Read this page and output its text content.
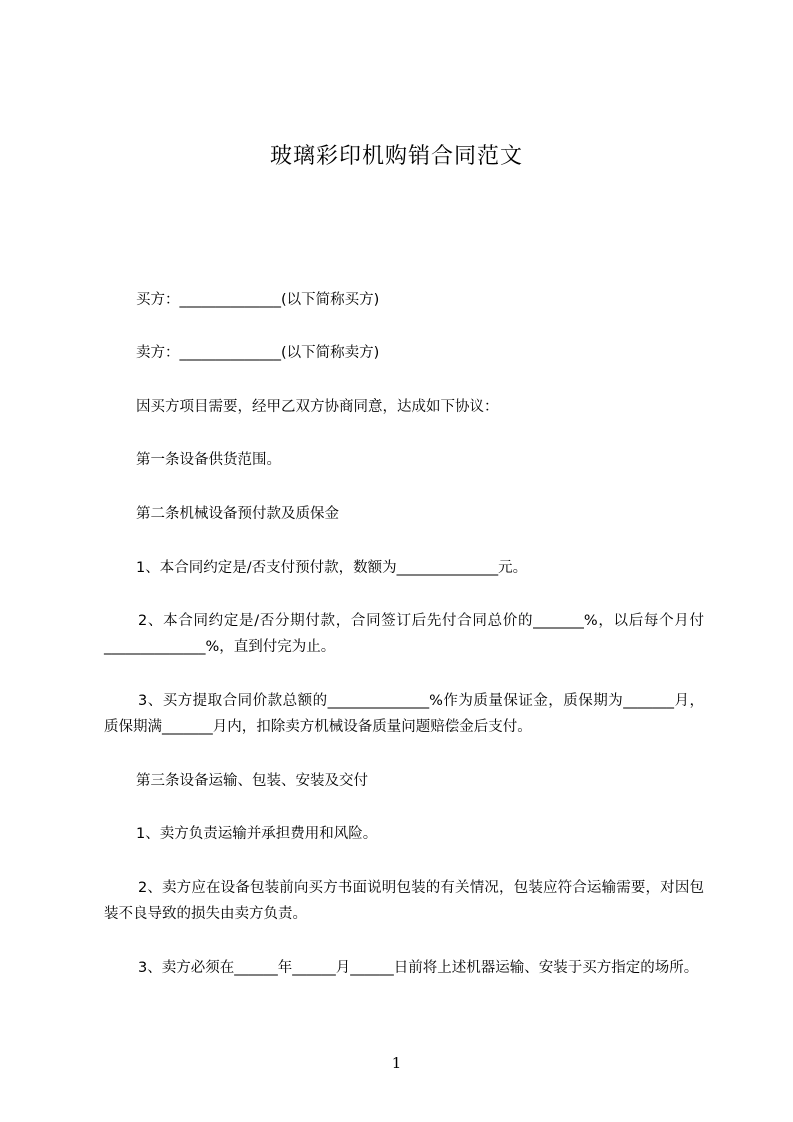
玻璃彩印机购销合同范文
买方：______________(以下简称买方)
卖方：______________(以下简称卖方)
因买方项目需要，经甲乙双方协商同意，达成如下协议：
第一条设备供货范围。
第二条机械设备预付款及质保金
1、本合同约定是/否支付预付款，数额为______________元。
2、本合同约定是/否分期付款，合同签订后先付合同总价的_______%，以后每个月付______________%，直到付完为止。
3、买方提取合同价款总额的______________%作为质量保证金，质保期为_______月，质保期满_______月内，扣除卖方机械设备质量问题赔偿金后支付。
第三条设备运输、包装、安装及交付
1、卖方负责运输并承担费用和风险。
2、卖方应在设备包装前向买方书面说明包装的有关情况，包装应符合运输需要，对因包装不良导致的损失由卖方负责。
3、卖方必须在______年______月______日前将上述机器运输、安装于买方指定的场所。
1
